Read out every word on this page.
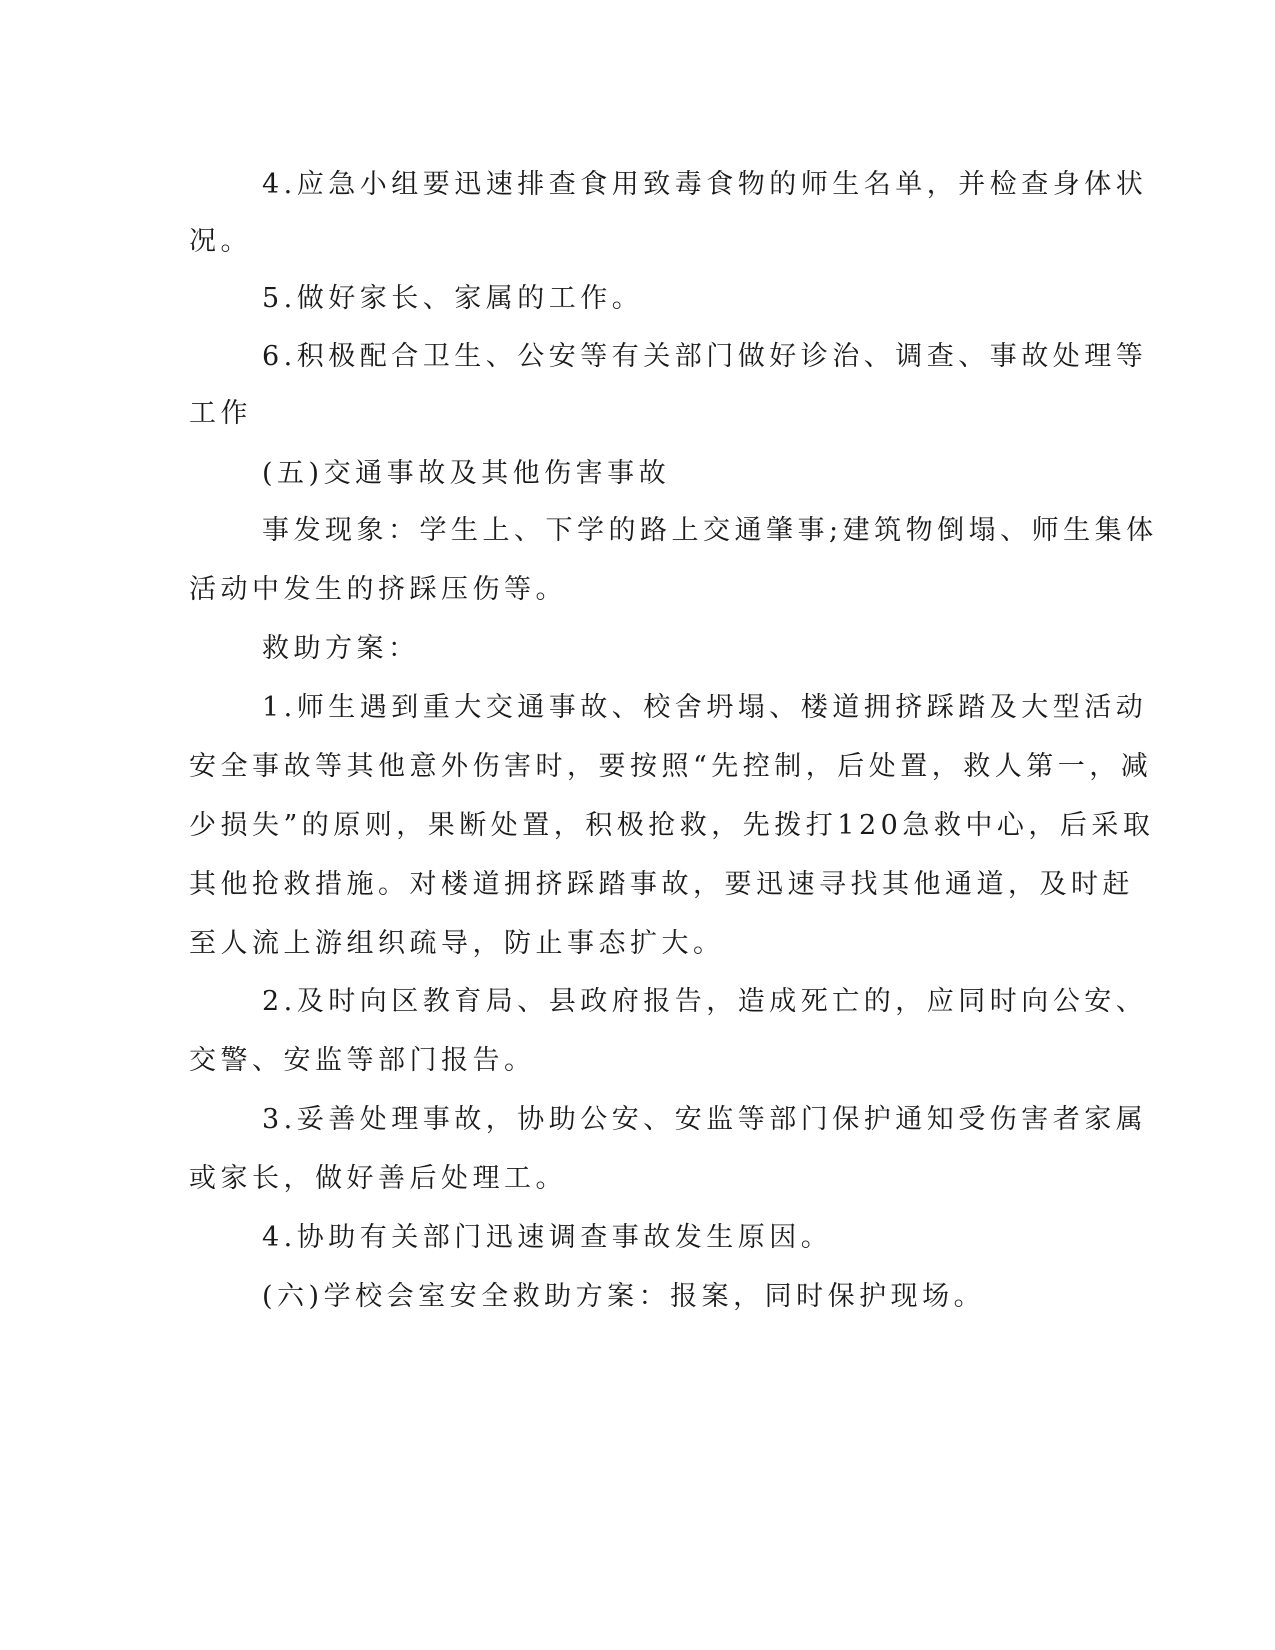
4.应急小组要迅速排查食用致毒食物的师生名单，并检查身体状

况。

5.做好家长、家属的工作。

6.积极配合卫生、公安等有关部门做好诊治、调查、事故处理等

工作

(五)交通事故及其他伤害事故

事发现象：学生上、下学的路上交通肇事;建筑物倒塌、师生集体

活动中发生的挤踩压伤等。

救助方案：

1.师生遇到重大交通事故、校舍坍塌、楼道拥挤踩踏及大型活动

安全事故等其他意外伤害时，要按照“先控制，后处置，救人第一，减

少损失”的原则，果断处置，积极抢救，先拨打120急救中心，后采取

其他抢救措施。对楼道拥挤踩踏事故，要迅速寻找其他通道，及时赶

至人流上游组织疏导，防止事态扩大。

2.及时向区教育局、县政府报告，造成死亡的，应同时向公安、

交警、安监等部门报告。

3.妥善处理事故，协助公安、安监等部门保护通知受伤害者家属

或家长，做好善后处理工。

4.协助有关部门迅速调查事故发生原因。

(六)学校会室安全救助方案：报案，同时保护现场。
